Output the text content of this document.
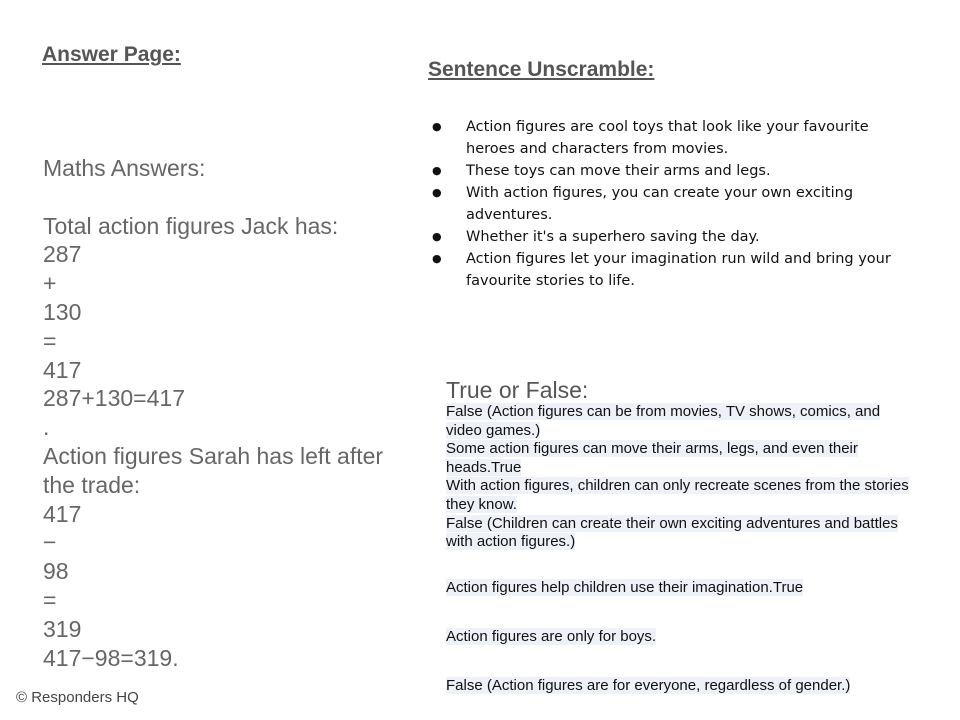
Answer Page:
Sentence Unscramble:
Maths Answers:
Total action figures Jack has:
287
+
130
=
417
287+130=417
.
Action figures Sarah has left after the trade:
417
−
98
=
319
417−98=319.
● Action figures are cool toys that look like your favourite heroes and characters from movies.
● These toys can move their arms and legs.
● With action figures, you can create your own exciting adventures.
● Whether it's a superhero saving the day.
● Action figures let your imagination run wild and bring your favourite stories to life.
True or False:
False (Action figures can be from movies, TV shows, comics, and video games.)
Some action figures can move their arms, legs, and even their heads.True
With action figures, children can only recreate scenes from the stories they know.
False (Children can create their own exciting adventures and battles with action figures.)
Action figures help children use their imagination.True
Action figures are only for boys.
False (Action figures are for everyone, regardless of gender.)
© Responders HQ
